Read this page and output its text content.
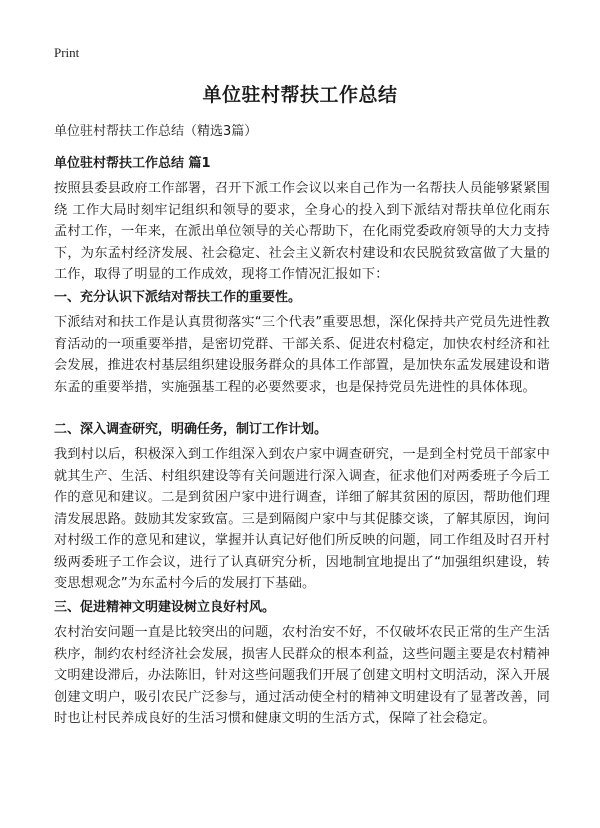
Print
单位驻村帮扶工作总结

单位驻村帮扶工作总结（精选3篇）

单位驻村帮扶工作总结 篇1

按照县委县政府工作部署，召开下派工作会议以来自己作为一名帮扶人员能够紧紧围绕 工作大局时刻牢记组织和领导的要求，全身心的投入到下派结对帮扶单位化雨东孟村工作，一年来，在派出单位领导的关心帮助下，在化雨党委政府领导的大力支持下，为东孟村经济发展、社会稳定、社会主义新农村建设和农民脱贫致富做了大量的工作，取得了明显的工作成效，现将工作情况汇报如下：

一、充分认识下派结对帮扶工作的重要性。

下派结对和扶工作是认真贯彻落实“三个代表”重要思想，深化保持共产党员先进性教育活动的一项重要举措，是密切党群、干部关系、促进农村稳定，加快农村经济和社会发展，推进农村基层组织建设服务群众的具体工作部置，是加快东孟发展建设和谐东孟的重要举措，实施强基工程的必要然要求，也是保持党员先进性的具体体现。

二、深入调查研究，明确任务，制订工作计划。

我到村以后，积极深入到工作组深入到农户家中调查研究，一是到全村党员干部家中就其生产、生活、村组织建设等有关问题进行深入调查，征求他们对两委班子今后工作的意见和建议。二是到贫困户家中进行调查，详细了解其贫困的原因，帮助他们理清发展思路。鼓励其发家致富。三是到隔阂户家中与其促膝交谈，了解其原因，询问对村级工作的意见和建议，掌握并认真记好他们所反映的问题，同工作组及时召开村级两委班子工作会议，进行了认真研究分析，因地制宜地提出了“加强组织建设，转变思想观念”为东孟村今后的发展打下基础。

三、促进精神文明建设树立良好村风。

农村治安问题一直是比较突出的问题，农村治安不好，不仅破坏农民正常的生产生活秩序，制约农村经济社会发展，损害人民群众的根本利益，这些问题主要是农村精神文明建设滞后，办法陈旧，针对这些问题我们开展了创建文明村文明活动，深入开展创建文明户，吸引农民广泛参与，通过活动使全村的精神文明建设有了显著改善，同时也让村民养成良好的生活习惯和健康文明的生活方式，保障了社会稳定。
